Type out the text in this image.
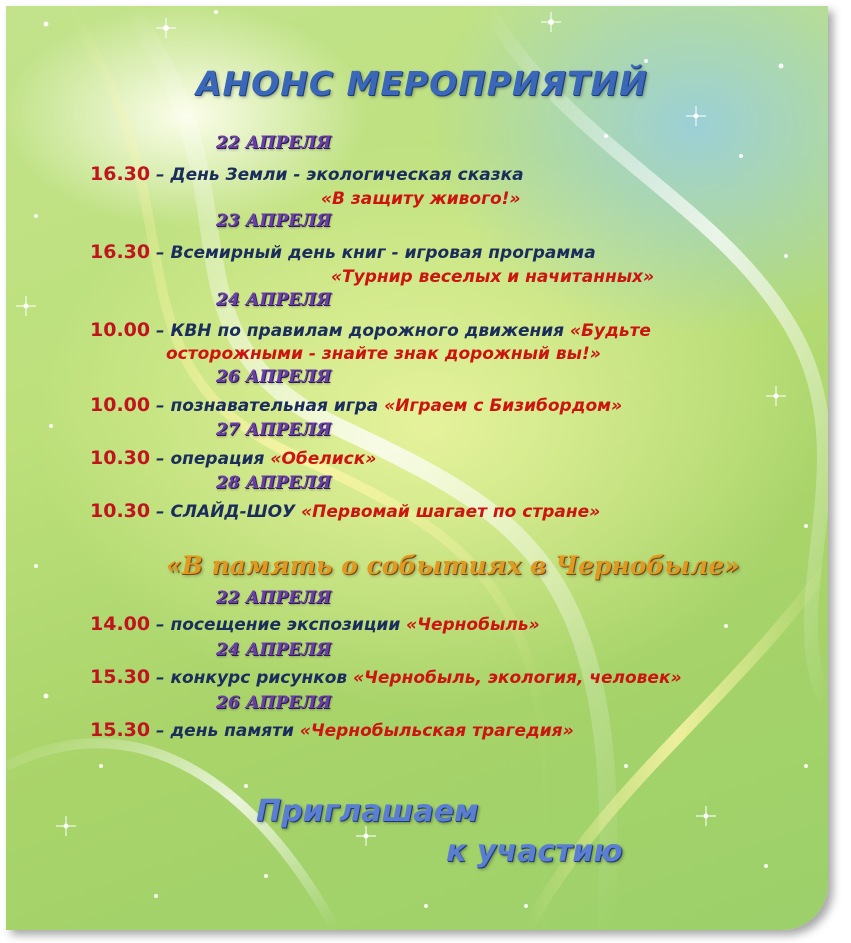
АНОНС МЕРОПРИЯТИЙ
22 АПРЕЛЯ
16.30 – День Земли - экологическая сказка
«В защиту живого!»
23 АПРЕЛЯ
16.30 – Всемирный день книг - игровая программа
«Турнир веселых и начитанных»
24 АПРЕЛЯ
10.00 – КВН по правилам дорожного движения «Будьте
осторожными - знайте знак дорожный вы!»
26 АПРЕЛЯ
10.00 – познавательная игра «Играем с Бизибордом»
27 АПРЕЛЯ
10.30 – операция «Обелиск»
28 АПРЕЛЯ
10.30 – СЛАЙД-ШОУ «Первомай шагает по стране»
«В память о событиях в Чернобыле»
22 АПРЕЛЯ
14.00 – посещение экспозиции «Чернобыль»
24 АПРЕЛЯ
15.30 – конкурс рисунков «Чернобыль, экология, человек»
26 АПРЕЛЯ
15.30 – день памяти «Чернобыльская трагедия»
Приглашаем
к участию
